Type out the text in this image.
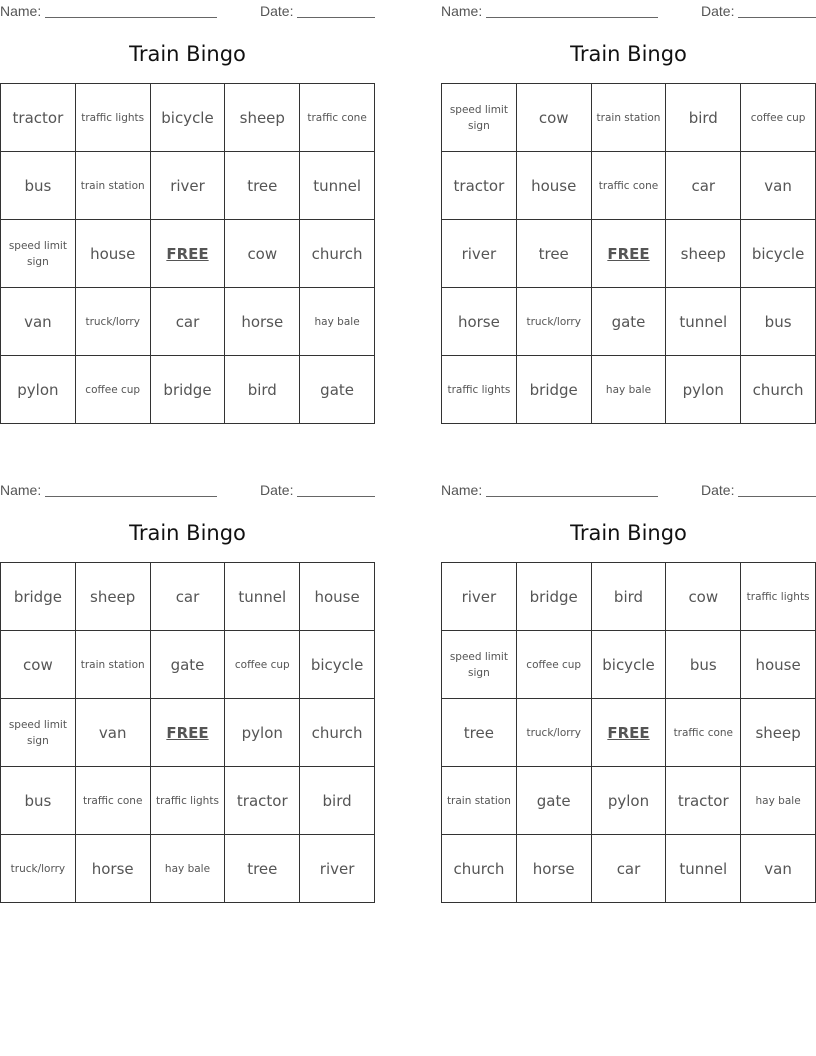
Name:	Date:
Train Bingo
tractor	traffic lights	bicycle	sheep	traffic cone
bus	train station	river	tree	tunnel
speed limit sign	house	FREE	cow	church
van	truck/lorry	car	horse	hay bale
pylon	coffee cup	bridge	bird	gate
Name:	Date:
Train Bingo
speed limit sign	cow	train station	bird	coffee cup
tractor	house	traffic cone	car	van
river	tree	FREE	sheep	bicycle
horse	truck/lorry	gate	tunnel	bus
traffic lights	bridge	hay bale	pylon	church
Name:	Date:
Train Bingo
bridge	sheep	car	tunnel	house
cow	train station	gate	coffee cup	bicycle
speed limit sign	van	FREE	pylon	church
bus	traffic cone	traffic lights	tractor	bird
truck/lorry	horse	hay bale	tree	river
Name:	Date:
Train Bingo
river	bridge	bird	cow	traffic lights
speed limit sign	coffee cup	bicycle	bus	house
tree	truck/lorry	FREE	traffic cone	sheep
train station	gate	pylon	tractor	hay bale
church	horse	car	tunnel	van
